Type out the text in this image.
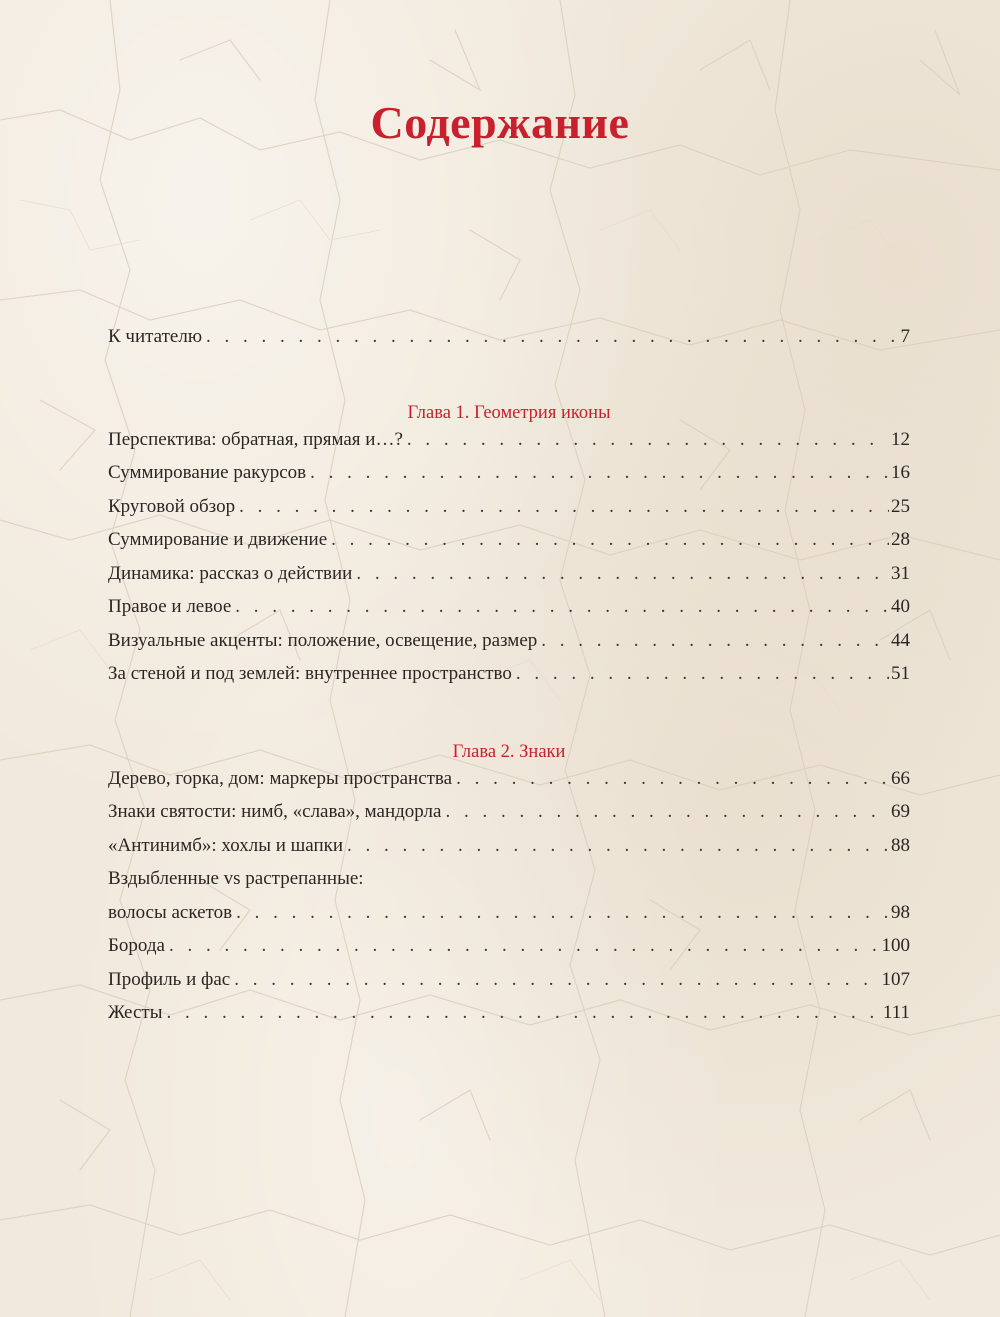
Содержание
К читателю . . .	7
Глава 1. Геометрия иконы
Перспектива: обратная, прямая и…? . . .	12
Суммирование ракурсов . . .	16
Круговой обзор . . .	25
Суммирование и движение . . .	28
Динамика: рассказ о действии . . .	31
Правое и левое . . .	40
Визуальные акценты: положение, освещение, размер . . .	44
За стеной и под землей: внутреннее пространство . . .	51
Глава 2. Знаки
Дерево, горка, дом: маркеры пространства . . .	66
Знаки святости: нимб, «слава», мандорла . . .	69
«Антинимб»: хохлы и шапки . . .	88
Вздыбленные vs растрепанные:
волосы аскетов . . .	98
Борода . . .	100
Профиль и фас . . .	107
Жесты . . .	111
